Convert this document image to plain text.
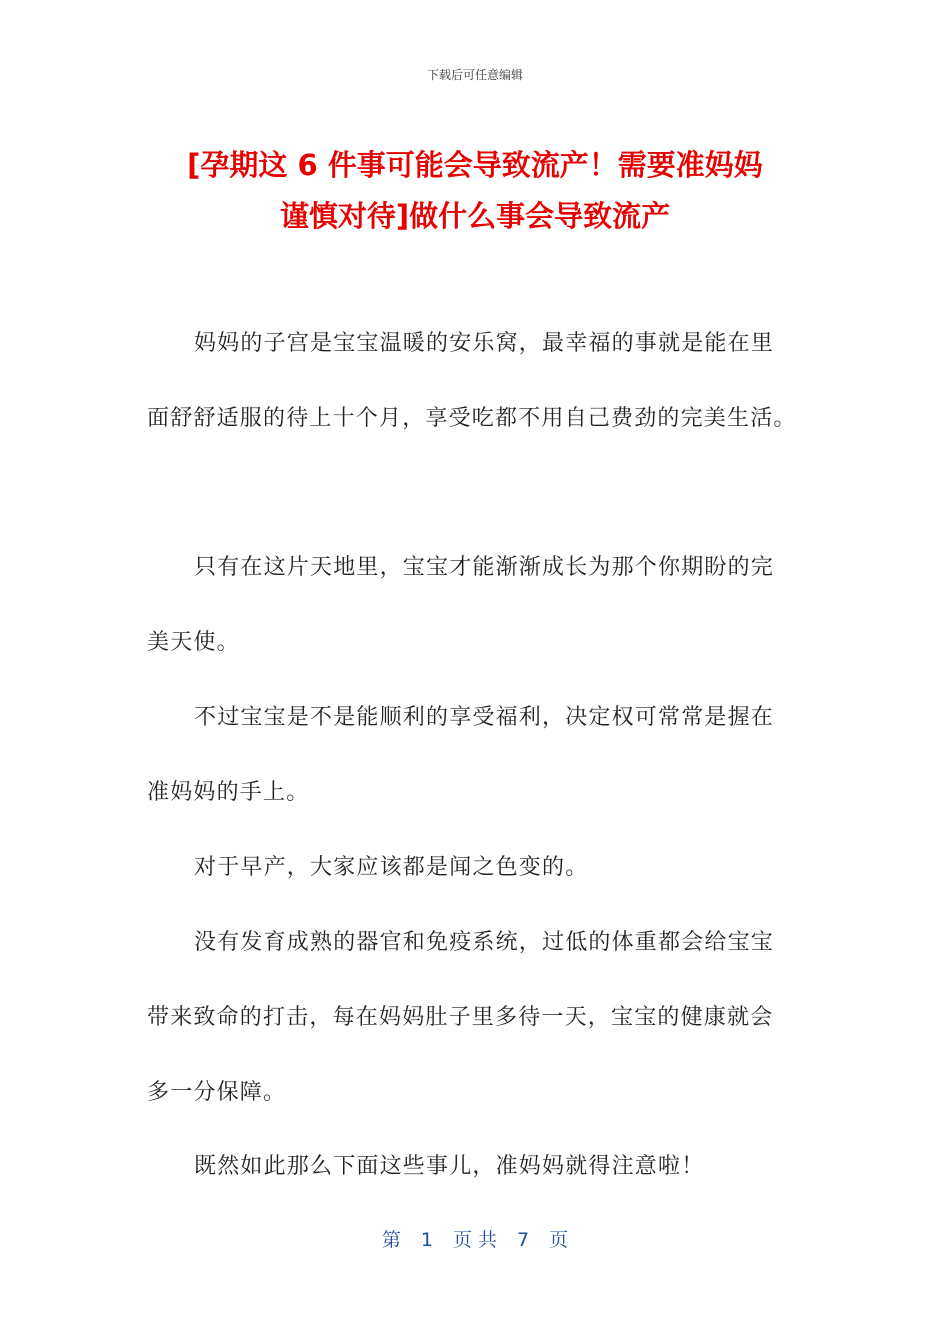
下载后可任意编辑
[孕期这 6 件事可能会导致流产！需要准妈妈
谨慎对待]做什么事会导致流产
妈妈的子宫是宝宝温暖的安乐窝，最幸福的事就是能在里
面舒舒适服的待上十个月，享受吃都不用自己费劲的完美生活。
只有在这片天地里，宝宝才能渐渐成长为那个你期盼的完
美天使。
不过宝宝是不是能顺利的享受福利，决定权可常常是握在
准妈妈的手上。
对于早产，大家应该都是闻之色变的。
没有发育成熟的器官和免疫系统，过低的体重都会给宝宝
带来致命的打击，每在妈妈肚子里多待一天，宝宝的健康就会
多一分保障。
既然如此那么下面这些事儿，准妈妈就得注意啦！
第 1 页 共 7 页
